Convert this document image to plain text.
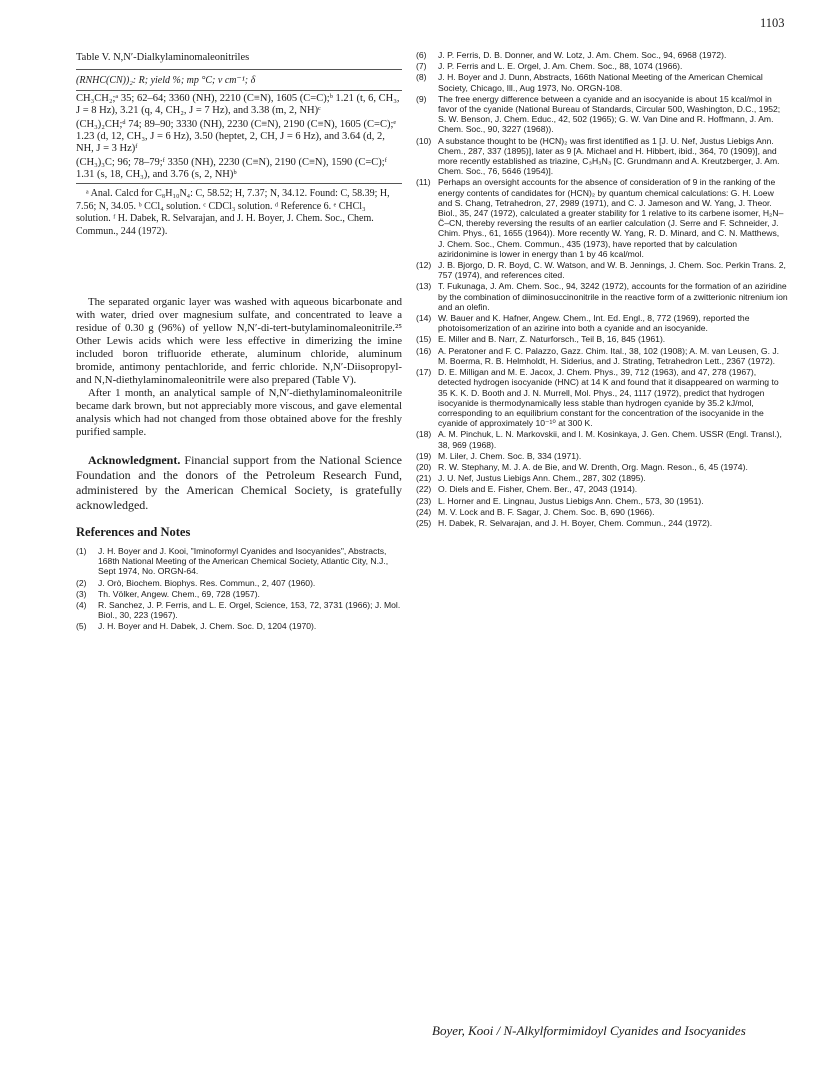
1103
Table V. N,N′-Dialkylaminomaleonitriles
(RNHC(CN))₂: R; yield %; mp °C; ν cm⁻¹; δ
CH₃CH₂;ᵃ 35; 62–64; 3360 (NH), 2210 (C≡N), 1605 (C=C);ᵇ 1.21 (t, 6, CH₃, J = 8 Hz), 3.21 (q, 4, CH₂, J = 7 Hz), and 3.38 (m, 2, NH)ᶜ
(CH₃)₂CH;ᵈ 74; 89–90; 3330 (NH), 2230 (C≡N), 2190 (C≡N), 1605 (C=C);ᵉ 1.23 (d, 12, CH₃, J = 6 Hz), 3.50 (heptet, 2, CH, J = 6 Hz), and 3.64 (d, 2, NH, J = 3 Hz)ᶠ
(CH₃)₃C; 96; 78–79;ᶠ 3350 (NH), 2230 (C≡N), 2190 (C≡N), 1590 (C=C);ᶠ 1.31 (s, 18, CH₃), and 3.76 (s, 2, NH)ᵇ
ᵃ Anal. Calcd for C₈H₁₀N₄: C, 58.52; H, 7.37; N, 34.12. Found: C, 58.39; H, 7.56; N, 34.05. ᵇ CCl₄ solution. ᶜ CDCl₃ solution. ᵈ Reference 6. ᵉ CHCl₃ solution. ᶠ H. Dabek, R. Selvarajan, and J. H. Boyer, J. Chem. Soc., Chem. Commun., 244 (1972).

The separated organic layer was washed with aqueous bicarbonate and with water, dried over magnesium sulfate, and concentrated to leave a residue of 0.30 g (96%) of yellow N,N′-di-tert-butylaminomaleonitrile.²⁵ Other Lewis acids which were less effective in dimerizing the imine included boron trifluoride etherate, aluminum chloride, aluminum bromide, antimony pentachloride, and ferric chloride. N,N′-Diisopropyl- and N,N-diethylaminomaleonitrile were also prepared (Table V).

After 1 month, an analytical sample of N,N′-diethylaminomaleonitrile became dark brown, but not appreciably more viscous, and gave elemental analysis which had not changed from those obtained above for the freshly purified sample.

Acknowledgment. Financial support from the National Science Foundation and the donors of the Petroleum Research Fund, administered by the American Chemical Society, is gratefully acknowledged.

References and Notes
(1)	J. H. Boyer and J. Kooi, "Iminoformyl Cyanides and Isocyanides", Abstracts, 168th National Meeting of the American Chemical Society, Atlantic City, N.J., Sept 1974, No. ORGN-64.
(2)	J. Orò, Biochem. Biophys. Res. Commun., 2, 407 (1960).
(3)	Th. Völker, Angew. Chem., 69, 728 (1957).
(4)	R. Sanchez, J. P. Ferris, and L. E. Orgel, Science, 153, 72, 3731 (1966); J. Mol. Biol., 30, 223 (1967).
(5)	J. H. Boyer and H. Dabek, J. Chem. Soc. D, 1204 (1970).
(6)	J. P. Ferris, D. B. Donner, and W. Lotz, J. Am. Chem. Soc., 94, 6968 (1972).
(7)	J. P. Ferris and L. E. Orgel, J. Am. Chem. Soc., 88, 1074 (1966).
(8)	J. H. Boyer and J. Dunn, Abstracts, 166th National Meeting of the American Chemical Society, Chicago, Ill., Aug 1973, No. ORGN-108.
(9)	The free energy difference between a cyanide and an isocyanide is about 15 kcal/mol in favor of the cyanide (National Bureau of Standards, Circular 500, Washington, D.C., 1952; S. W. Benson, J. Chem. Educ., 42, 502 (1965); G. W. Van Dine and R. Hoffmann, J. Am. Chem. Soc., 90, 3227 (1968)).
(10) A substance thought to be (HCN)₂ was first identified as 1 [J. U. Nef, Justus Liebigs Ann. Chem., 287, 337 (1895)], later as 9 [A. Michael and H. Hibbert, ibid., 364, 70 (1909)], and more recently established as triazine, C₃H₃N₃ [C. Grundmann and A. Kreutzberger, J. Am. Chem. Soc., 76, 5646 (1954)].
(11) Perhaps an oversight accounts for the absence of consideration of 9 in the ranking of the energy contents of candidates for (HCN)₂ by quantum chemical calculations: G. H. Loew and S. Chang, Tetrahedron, 27, 2989 (1971), and C. J. Jameson and W. Yang, J. Theor. Biol., 35, 247 (1972), calculated a greater stability for 1 relative to its carbene isomer, H₂N–C̈–CN, thereby reversing the results of an earlier calculation (J. Serre and F. Schneider, J. Chim. Phys., 61, 1655 (1964)). More recently W. Yang, R. D. Minard, and C. N. Matthews, J. Chem. Soc., Chem. Commun., 435 (1973), have reported that by calculation aziridonimine is lower in energy than 1 by 46 kcal/mol.
(12) J. B. Bjorgo, D. R. Boyd, C. W. Watson, and W. B. Jennings, J. Chem. Soc. Perkin Trans. 2, 757 (1974), and references cited.
(13) T. Fukunaga, J. Am. Chem. Soc., 94, 3242 (1972), accounts for the formation of an aziridine by the combination of diiminosuccinonitrile in the reactive form of a zwitterionic nitrenium ion and an olefin.
(14) W. Bauer and K. Hafner, Angew. Chem., Int. Ed. Engl., 8, 772 (1969), reported the photoisomerization of an azirine into both a cyanide and an isocyanide.
(15) E. Miller and B. Narr, Z. Naturforsch., Teil B, 16, 845 (1961).
(16) A. Peratoner and F. C. Palazzo, Gazz. Chim. Ital., 38, 102 (1908); A. M. van Leusen, G. J. M. Boerma, R. B. Helmholdt, H. Siderius, and J. Strating, Tetrahedron Lett., 2367 (1972).
(17) D. E. Milligan and M. E. Jacox, J. Chem. Phys., 39, 712 (1963), and 47, 278 (1967), detected hydrogen isocyanide (HNC) at 14 K and found that it disappeared on warming to 35 K. K. D. Booth and J. N. Murrell, Mol. Phys., 24, 1117 (1972), predict that hydrogen isocyanide is thermodynamically less stable than hydrogen cyanide by 35.2 kJ/mol, corresponding to an equilibrium constant for the concentration of the isocyanide in the cyanide of approximately 10⁻¹⁰ at 300 K.
(18) A. M. Pinchuk, L. N. Markovskii, and I. M. Kosinkaya, J. Gen. Chem. USSR (Engl. Transl.), 38, 969 (1968).
(19) M. Liler, J. Chem. Soc. B, 334 (1971).
(20) R. W. Stephany, M. J. A. de Bie, and W. Drenth, Org. Magn. Reson., 6, 45 (1974).
(21) J. U. Nef, Justus Liebigs Ann. Chem., 287, 302 (1895).
(22) O. Diels and E. Fisher, Chem. Ber., 47, 2043 (1914).
(23) L. Horner and E. Lingnau, Justus Liebigs Ann. Chem., 573, 30 (1951).
(24) M. V. Lock and B. F. Sagar, J. Chem. Soc. B, 690 (1966).
(25) H. Dabek, R. Selvarajan, and J. H. Boyer, Chem. Commun., 244 (1972).
Boyer, Kooi / N-Alkylformimidoyl Cyanides and Isocyanides
